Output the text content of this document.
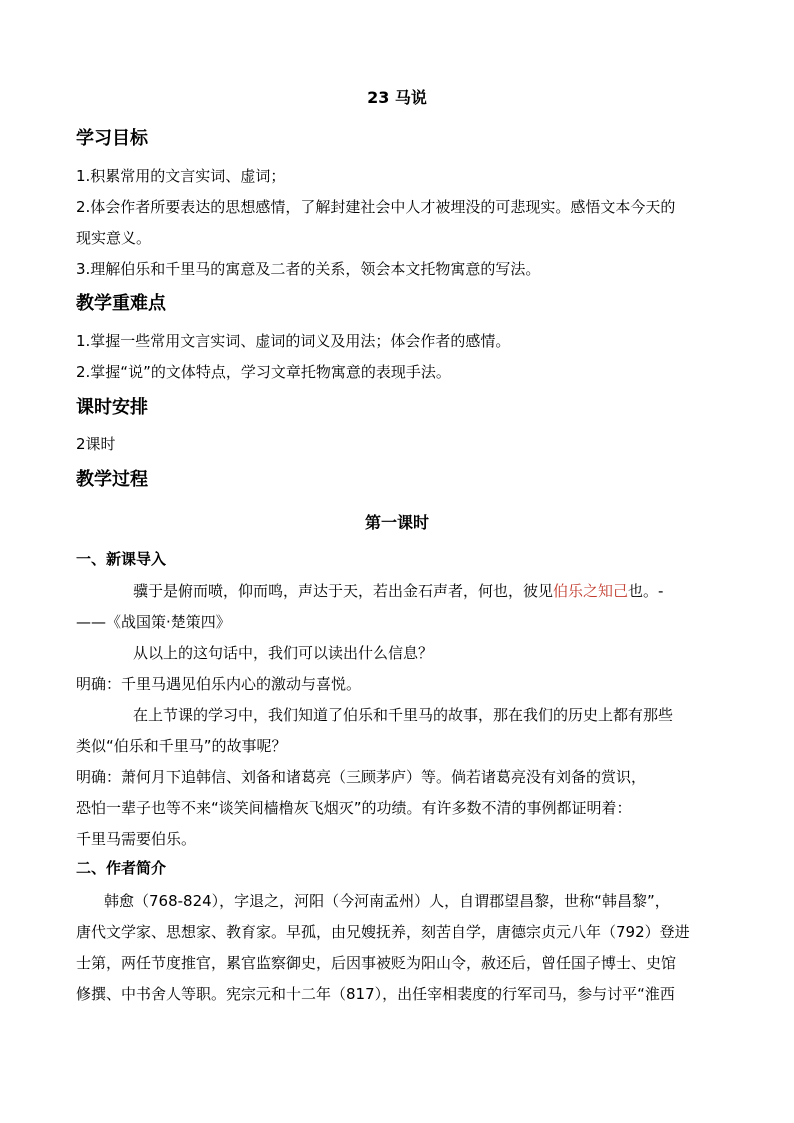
23 马说
学习目标
1.积累常用的文言实词、虚词；
2.体会作者所要表达的思想感情，了解封建社会中人才被埋没的可悲现实。感悟文本今天的
现实意义。
3.理解伯乐和千里马的寓意及二者的关系，领会本文托物寓意的写法。
教学重难点
1.掌握一些常用文言实词、虚词的词义及用法；体会作者的感情。
2.掌握“说”的文体特点，学习文章托物寓意的表现手法。
课时安排
2课时
教学过程
第一课时
一、新课导入
骥于是俯而喷，仰而鸣，声达于天，若出金石声者，何也，彼见伯乐之知己也。-
——《战国策·楚策四》
从以上的这句话中，我们可以读出什么信息？
明确：千里马遇见伯乐内心的激动与喜悦。
在上节课的学习中，我们知道了伯乐和千里马的故事，那在我们的历史上都有那些
类似“伯乐和千里马”的故事呢？
明确：萧何月下追韩信、刘备和诸葛亮（三顾茅庐）等。倘若诸葛亮没有刘备的赏识，
恐怕一辈子也等不来“谈笑间樯橹灰飞烟灭”的功绩。有许多数不清的事例都证明着：
千里马需要伯乐。
二、作者简介
韩愈（768-824），字退之，河阳（今河南孟州）人，自谓郡望昌黎，世称“韩昌黎”，
唐代文学家、思想家、教育家。早孤，由兄嫂抚养，刻苦自学，唐德宗贞元八年（792）登进
士第，两任节度推官，累官监察御史，后因事被贬为阳山令，赦还后，曾任国子博士、史馆
修撰、中书舍人等职。宪宗元和十二年（817），出任宰相裴度的行军司马，参与讨平“淮西
